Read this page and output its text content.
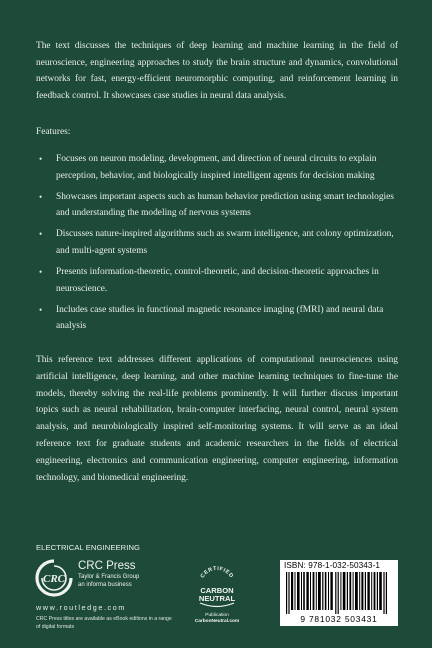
The text discusses the techniques of deep learning and machine learning in the field of neuroscience, engineering approaches to study the brain structure and dynamics, convolutional networks for fast, energy-efficient neuromorphic computing, and reinforcement learning in feedback control. It showcases case studies in neural data analysis.

Features:

• Focuses on neuron modeling, development, and direction of neural circuits to explain perception, behavior, and biologically inspired intelligent agents for decision making
• Showcases important aspects such as human behavior prediction using smart technologies and understanding the modeling of nervous systems
• Discusses nature-inspired algorithms such as swarm intelligence, ant colony optimization, and multi-agent systems
• Presents information-theoretic, control-theoretic, and decision-theoretic approaches in neuroscience.
• Includes case studies in functional magnetic resonance imaging (fMRI) and neural data analysis

This reference text addresses different applications of computational neurosciences using artificial intelligence, deep learning, and other machine learning techniques to fine-tune the models, thereby solving the real-life problems prominently. It will further discuss important topics such as neural rehabilitation, brain-computer interfacing, neural control, neural system analysis, and neurobiologically inspired self-monitoring systems. It will serve as an ideal reference text for graduate students and academic researchers in the fields of electrical engineering, electronics and communication engineering, computer engineering, information technology, and biomedical engineering.

ELECTRICAL ENGINEERING
CRC
CRC Press
Taylor & Francis Group
an informa business
www.routledge.com
CRC Press titles are available as eBook editions in a range of digital formats
CERTIFIED
CARBON
NEUTRAL
Publication
CarbonNeutral.com
ISBN: 978-1-032-50343-1
9 781032 503431
